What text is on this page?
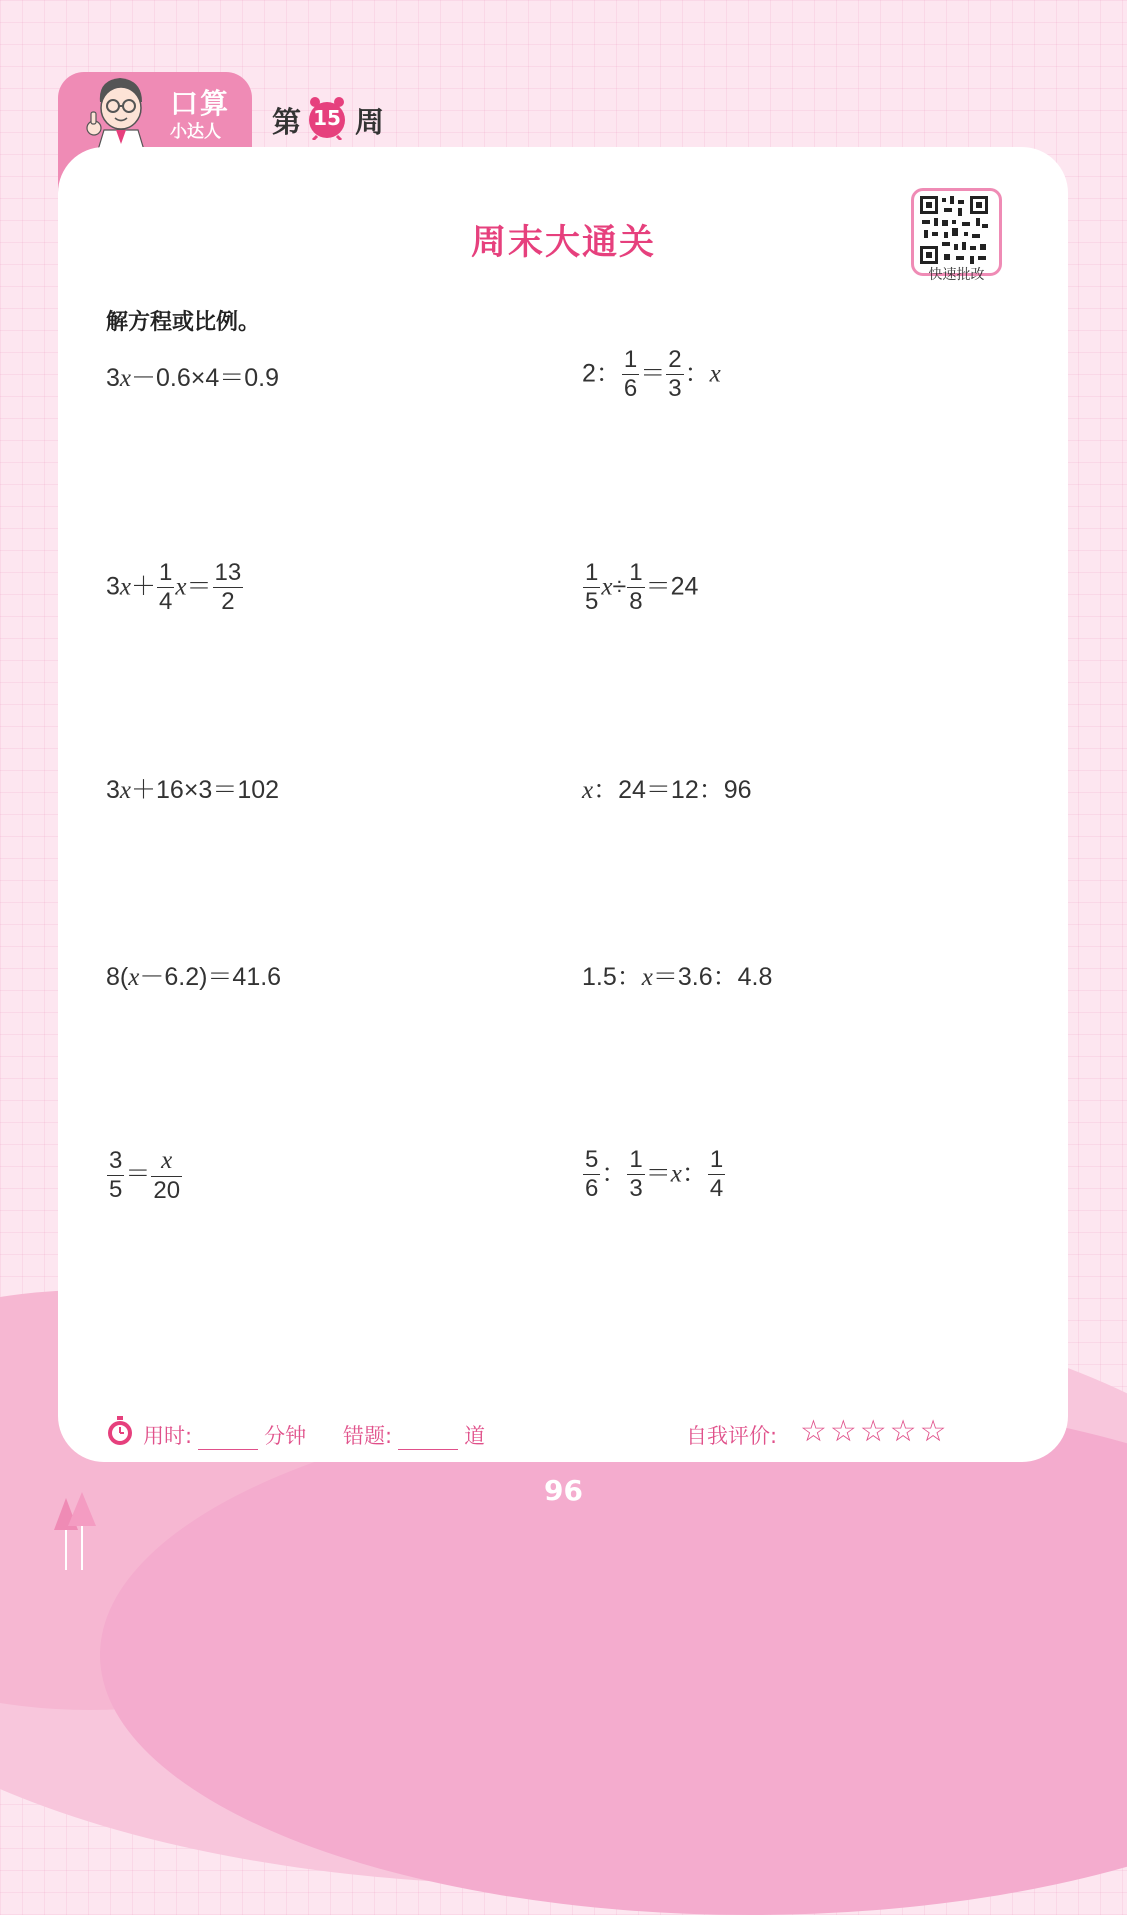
口算
小达人 第 15 周
周末大通关
快速批改
解方程或比例。
3x－0.6×4＝0.9	2： $\frac{1}{6} = \frac{2}{3}$ ：x
$3x+ \frac{1}{4} x= \frac{13}{2}$	$\frac{1}{5} x\div \frac{1}{8} =24$
3x＋16×3＝102	x：24＝12：96
8(x－6.2)＝41.6	1.5：x＝3.6：4.8
$\frac{3}{5} = \frac{x}{20}$	$\frac{5}{6}$ ： $\frac{1}{3} =x$： $\frac{1}{4}$
用时:	分钟 错题:	道	自我评价: ☆☆☆☆☆
96
